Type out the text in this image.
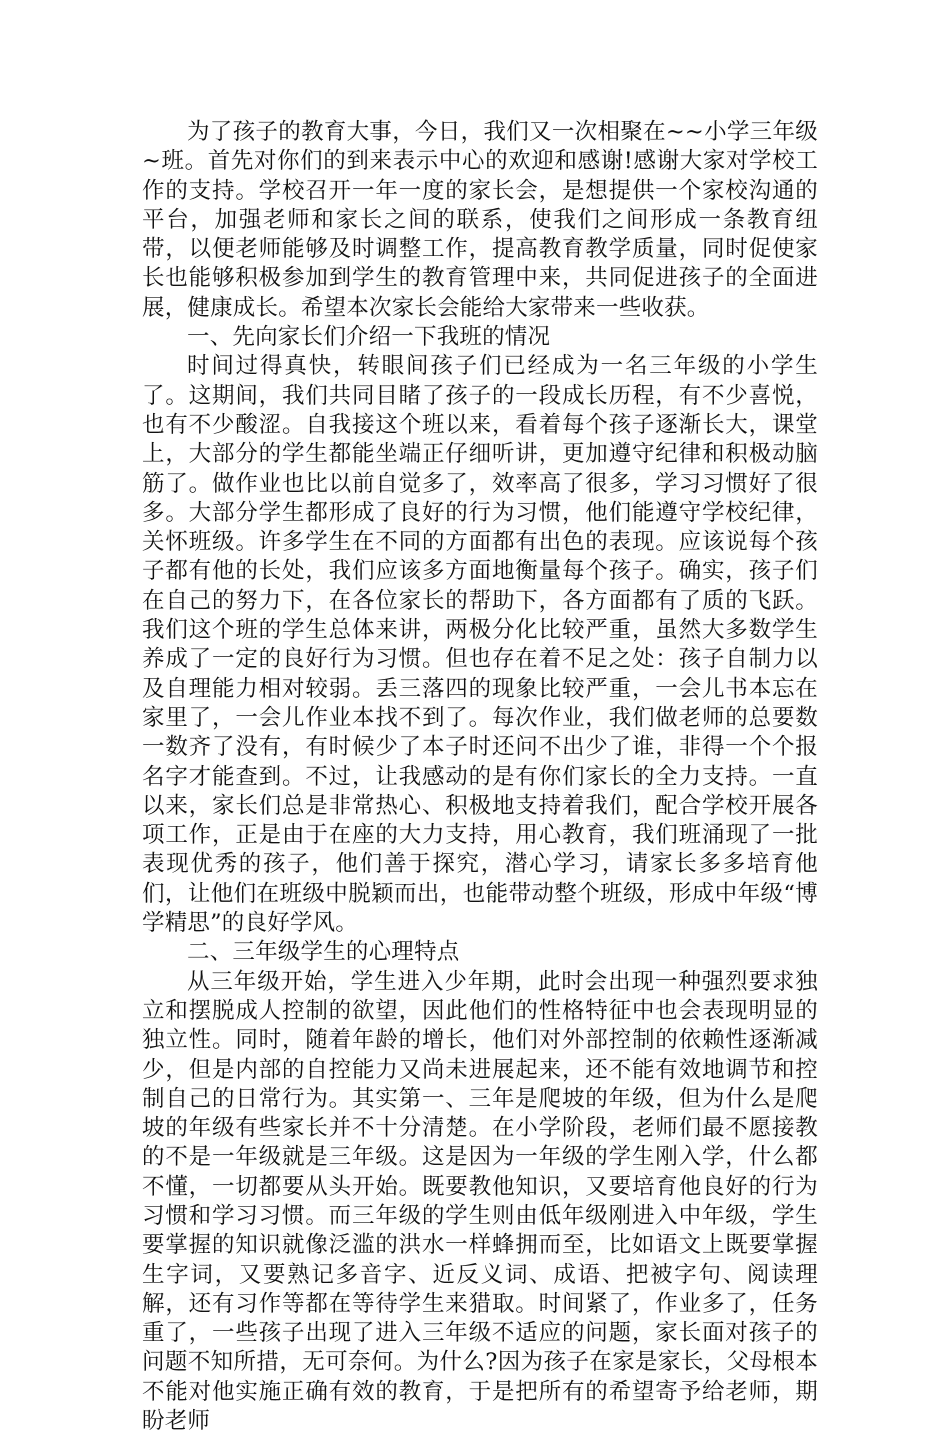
为了孩子的教育大事，今日，我们又一次相聚在~~小学三年级~班。首先对你们的到来表示中心的欢迎和感谢!感谢大家对学校工作的支持。学校召开一年一度的家长会，是想提供一个家校沟通的平台，加强老师和家长之间的联系，使我们之间形成一条教育纽带，以便老师能够及时调整工作，提高教育教学质量，同时促使家长也能够积极参加到学生的教育管理中来，共同促进孩子的全面进展，健康成长。希望本次家长会能给大家带来一些收获。

一、先向家长们介绍一下我班的情况

时间过得真快，转眼间孩子们已经成为一名三年级的小学生了。这期间，我们共同目睹了孩子的一段成长历程，有不少喜悦，也有不少酸涩。自我接这个班以来，看着每个孩子逐渐长大，课堂上，大部分的学生都能坐端正仔细听讲，更加遵守纪律和积极动脑筋了。做作业也比以前自觉多了，效率高了很多，学习习惯好了很多。大部分学生都形成了良好的行为习惯，他们能遵守学校纪律，关怀班级。许多学生在不同的方面都有出色的表现。应该说每个孩子都有他的长处，我们应该多方面地衡量每个孩子。确实，孩子们在自己的努力下，在各位家长的帮助下，各方面都有了质的飞跃。我们这个班的学生总体来讲，两极分化比较严重，虽然大多数学生养成了一定的良好行为习惯。但也存在着不足之处：孩子自制力以及自理能力相对较弱。丢三落四的现象比较严重，一会儿书本忘在家里了，一会儿作业本找不到了。每次作业，我们做老师的总要数一数齐了没有，有时候少了本子时还问不出少了谁，非得一个个报名字才能查到。不过，让我感动的是有你们家长的全力支持。一直以来，家长们总是非常热心、积极地支持着我们，配合学校开展各项工作，正是由于在座的大力支持，用心教育，我们班涌现了一批表现优秀的孩子，他们善于探究，潜心学习，请家长多多培育他们，让他们在班级中脱颖而出，也能带动整个班级，形成中年级“博学精思”的良好学风。

二、三年级学生的心理特点

从三年级开始，学生进入少年期，此时会出现一种强烈要求独立和摆脱成人控制的欲望，因此他们的性格特征中也会表现明显的独立性。同时，随着年龄的增长，他们对外部控制的依赖性逐渐减少，但是内部的自控能力又尚未进展起来，还不能有效地调节和控制自己的日常行为。其实第一、三年是爬坡的年级，但为什么是爬坡的年级有些家长并不十分清楚。在小学阶段，老师们最不愿接教的不是一年级就是三年级。这是因为一年级的学生刚入学，什么都不懂，一切都要从头开始。既要教他知识，又要培育他良好的行为习惯和学习习惯。而三年级的学生则由低年级刚进入中年级，学生要掌握的知识就像泛滥的洪水一样蜂拥而至，比如语文上既要掌握生字词，又要熟记多音字、近反义词、成语、把被字句、阅读理解，还有习作等都在等待学生来猎取。时间紧了，作业多了，任务重了，一些孩子出现了进入三年级不适应的问题，家长面对孩子的问题不知所措，无可奈何。为什么?因为孩子在家是家长，父母根本不能对他实施正确有效的教育，于是把所有的希望寄予给老师，期盼老师
